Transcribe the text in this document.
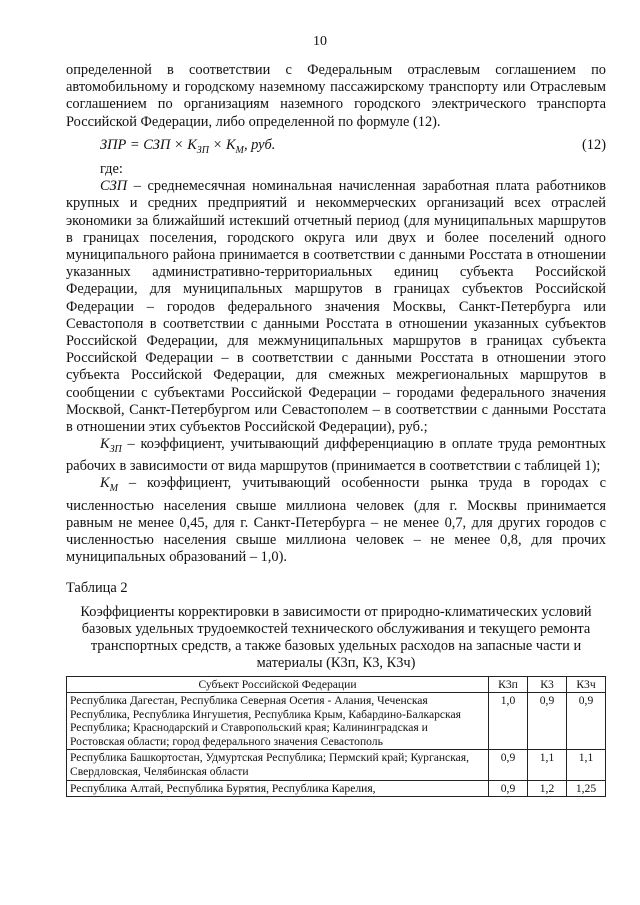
10

определенной в соответствии с Федеральным отраслевым соглашением по автомобильному и городскому наземному пассажирскому транспорту или Отраслевым соглашением по организациям наземного городского электрического транспорта Российской Федерации, либо определенной по формуле (12).

ЗПР = СЗП × $К_{ЗП} \times К_М$, руб.	(12)

где:

СЗП – среднемесячная номинальная начисленная заработная плата работников крупных и средних предприятий и некоммерческих организаций всех отраслей экономики за ближайший истекший отчетный период (для муниципальных маршрутов в границах поселения, городского округа или двух и более поселений одного муниципального района принимается в соответствии с данными Росстата в отношении указанных административно-территориальных единиц субъекта Российской Федерации, для муниципальных маршрутов в границах субъектов Российской Федерации – городов федерального значения Москвы, Санкт-Петербурга или Севастополя в соответствии с данными Росстата в отношении указанных субъектов Российской Федерации, для межмуниципальных маршрутов в границах субъекта Российской Федерации – в соответствии с данными Росстата в отношении этого субъекта Российской Федерации, для смежных межрегиональных маршрутов в сообщении с субъектами Российской Федерации – городами федерального значения Москвой, Санкт-Петербургом или Севастополем – в соответствии с данными Росстата в отношении этих субъектов Российской Федерации), руб.;

$К_{ЗП}$ – коэффициент, учитывающий дифференциацию в оплате труда ремонтных рабочих в зависимости от вида маршрутов (принимается в соответствии с таблицей 1);

$К_М$ – коэффициент, учитывающий особенности рынка труда в городах с численностью населения свыше миллиона человек (для г. Москвы принимается равным не менее 0,45, для г. Санкт-Петербурга – не менее 0,7, для других городов с численностью населения свыше миллиона человек – не менее 0,8, для прочих муниципальных образований – 1,0).

Таблица 2

Коэффициенты корректировки в зависимости от природно-климатических условий базовых удельных трудоемкостей технического обслуживания и текущего ремонта транспортных средств, а также базовых удельных расходов на запасные части и материалы (К3п, К3, К3ч)

Субъект Российской Федерации	К3п	К3	К3ч
Республика Дагестан, Республика Северная Осетия - Алания, Чеченская Республика, Республика Ингушетия, Республика Крым, Кабардино-Балкарская Республика; Краснодарский и Ставропольский края; Калининградская и Ростовская области; город федерального значения Севастополь	1,0	0,9	0,9
Республика Башкортостан, Удмуртская Республика; Пермский край; Курганская, Свердловская, Челябинская области	0,9	1,1	1,1
Республика Алтай, Республика Бурятия, Республика Карелия,	0,9	1,2	1,25
